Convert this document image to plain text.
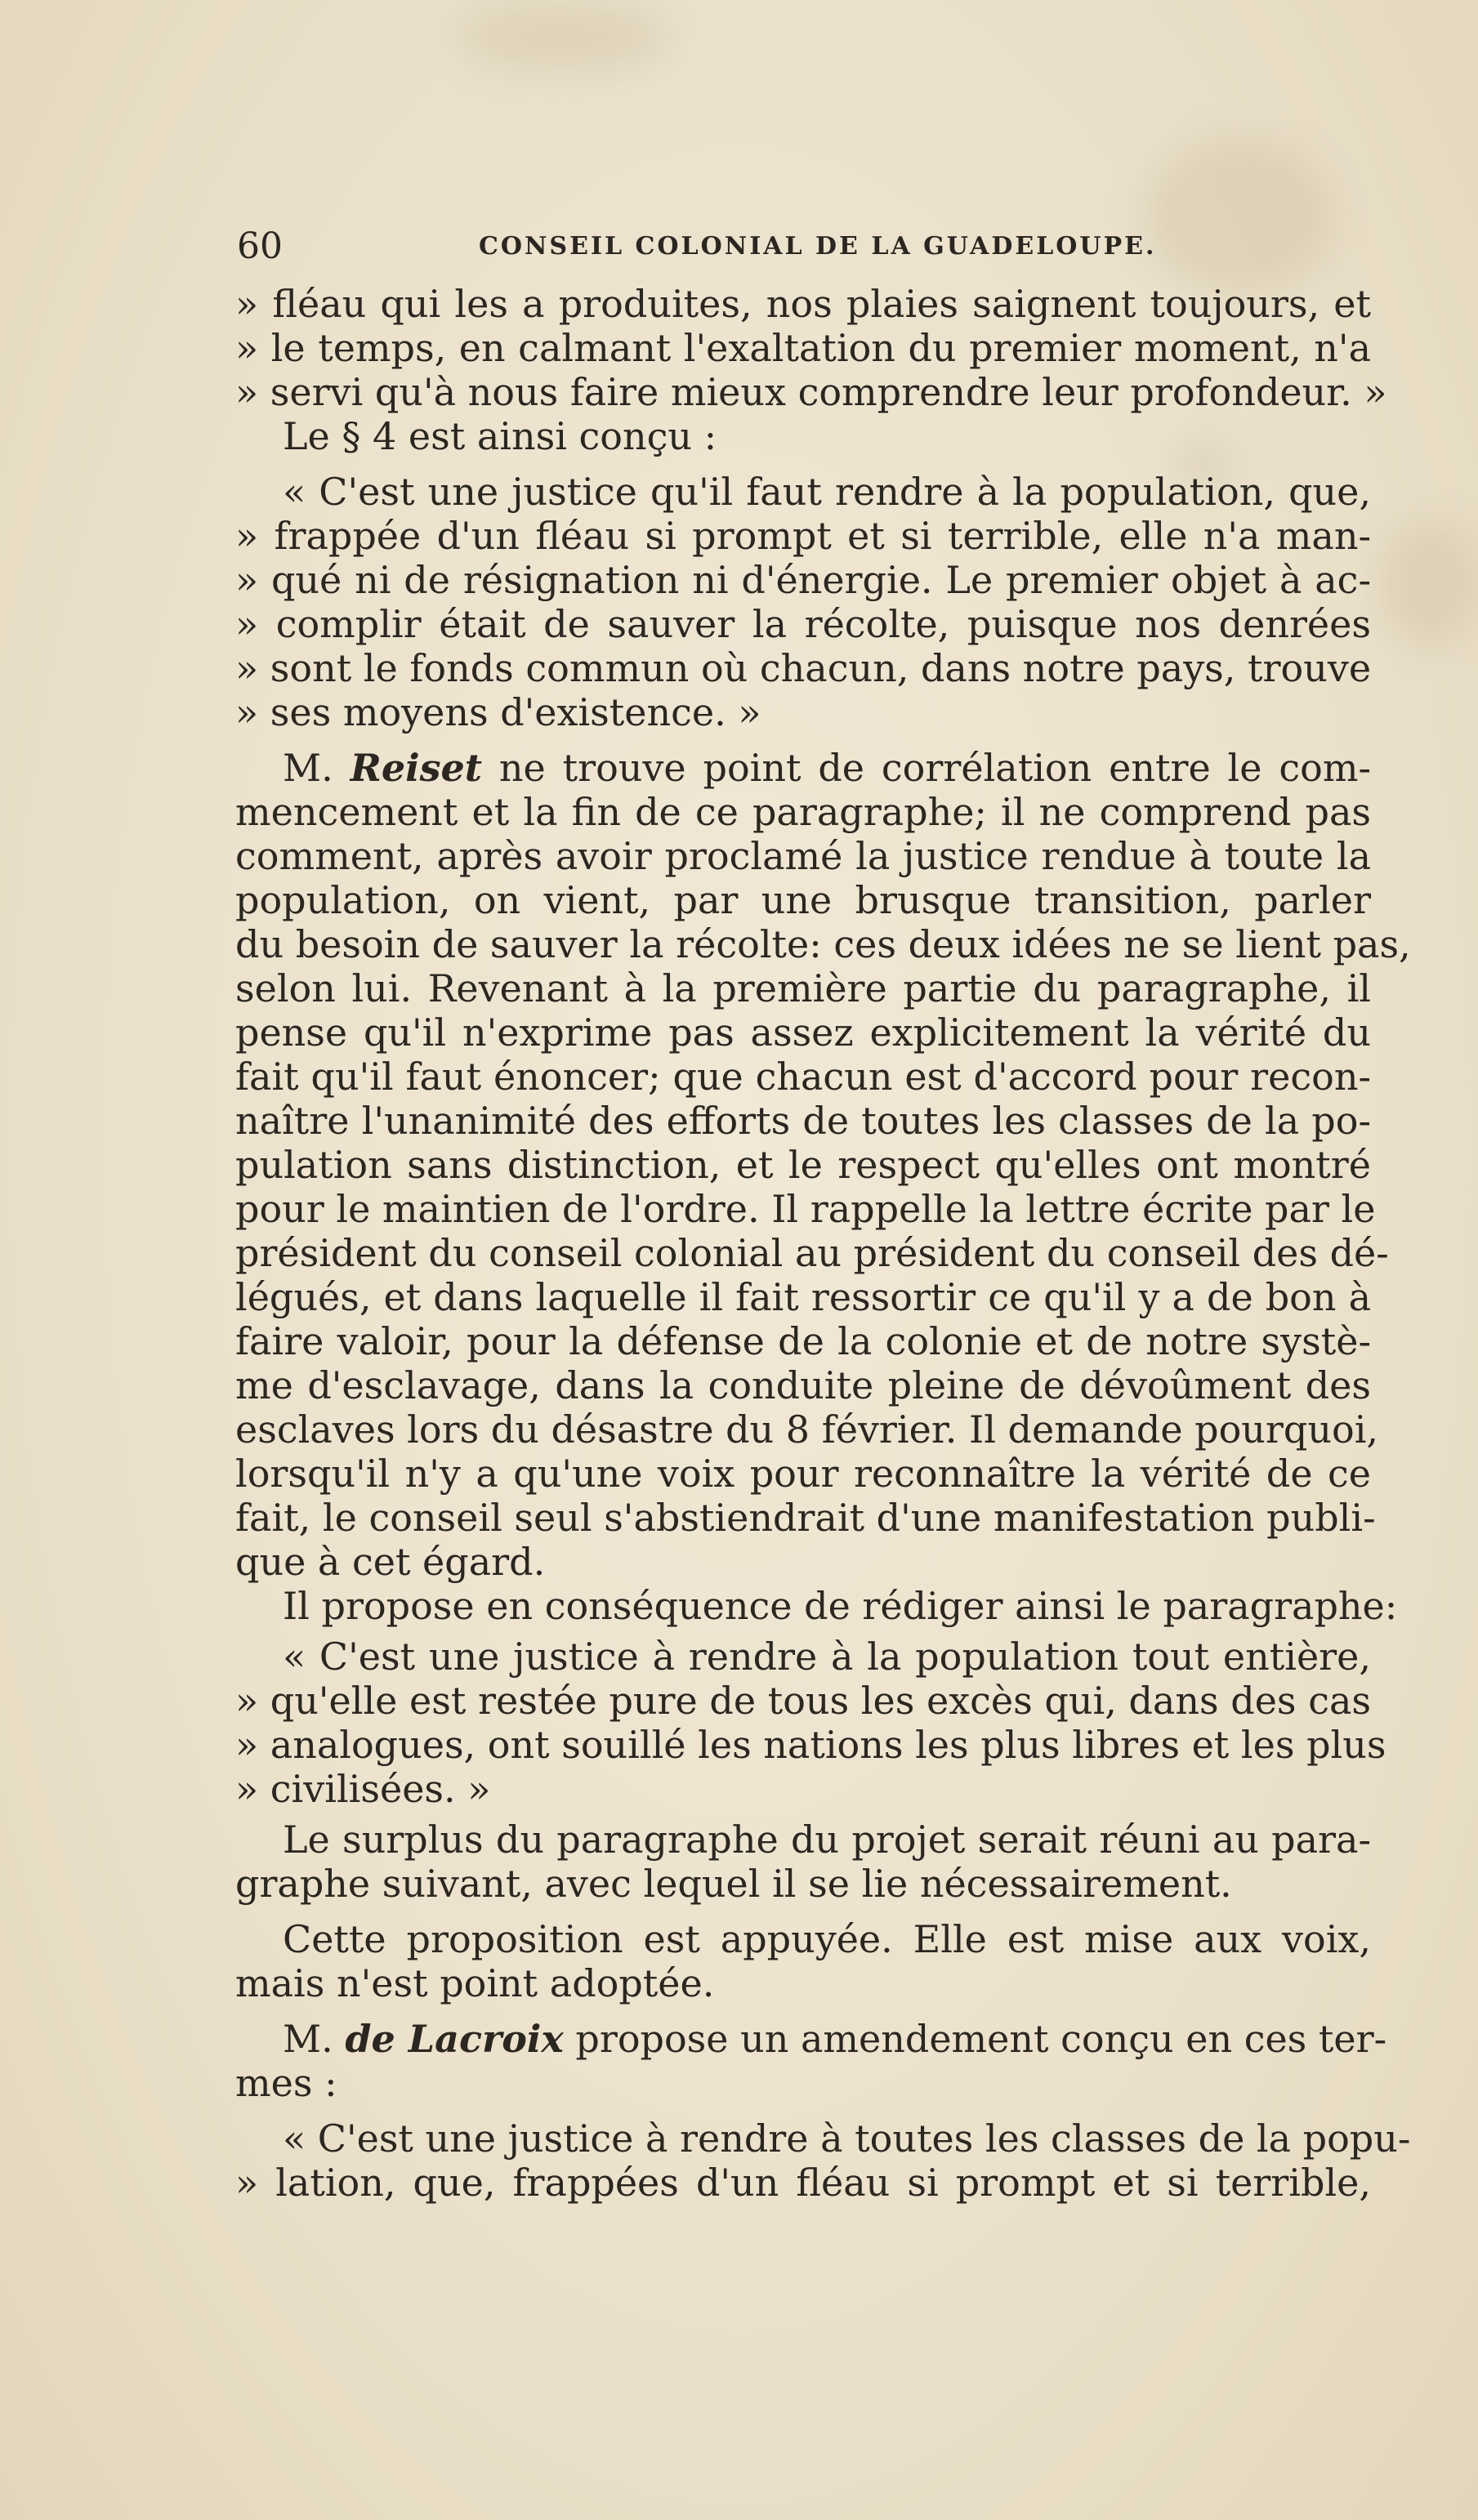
60	CONSEIL COLONIAL DE LA GUADELOUPE.
» fléau qui les a produites, nos plaies saignent toujours, et
» le temps, en calmant l'exaltation du premier moment, n'a
» servi qu'à nous faire mieux comprendre leur profondeur. »
Le § 4 est ainsi conçu :
« C'est une justice qu'il faut rendre à la population, que,
» frappée d'un fléau si prompt et si terrible, elle n'a man-
» qué ni de résignation ni d'énergie. Le premier objet à ac-
» complir était de sauver la récolte, puisque nos denrées
» sont le fonds commun où chacun, dans notre pays, trouve
» ses moyens d'existence. »
M. Reiset ne trouve point de corrélation entre le com-
mencement et la fin de ce paragraphe; il ne comprend pas
comment, après avoir proclamé la justice rendue à toute la
population, on vient, par une brusque transition, parler
du besoin de sauver la récolte: ces deux idées ne se lient pas,
selon lui. Revenant à la première partie du paragraphe, il
pense qu'il n'exprime pas assez explicitement la vérité du
fait qu'il faut énoncer; que chacun est d'accord pour recon-
naître l'unanimité des efforts de toutes les classes de la po-
pulation sans distinction, et le respect qu'elles ont montré
pour le maintien de l'ordre. Il rappelle la lettre écrite par le
président du conseil colonial au président du conseil des dé-
légués, et dans laquelle il fait ressortir ce qu'il y a de bon à
faire valoir, pour la défense de la colonie et de notre systè-
me d'esclavage, dans la conduite pleine de dévoûment des
esclaves lors du désastre du 8 février. Il demande pourquoi,
lorsqu'il n'y a qu'une voix pour reconnaître la vérité de ce
fait, le conseil seul s'abstiendrait d'une manifestation publi-
que à cet égard.
Il propose en conséquence de rédiger ainsi le paragraphe:
« C'est une justice à rendre à la population tout entière,
» qu'elle est restée pure de tous les excès qui, dans des cas
» analogues, ont souillé les nations les plus libres et les plus
» civilisées. »
Le surplus du paragraphe du projet serait réuni au para-
graphe suivant, avec lequel il se lie nécessairement.
Cette proposition est appuyée. Elle est mise aux voix,
mais n'est point adoptée.
M. de Lacroix propose un amendement conçu en ces ter-
mes :
« C'est une justice à rendre à toutes les classes de la popu-
» lation, que, frappées d'un fléau si prompt et si terrible,
